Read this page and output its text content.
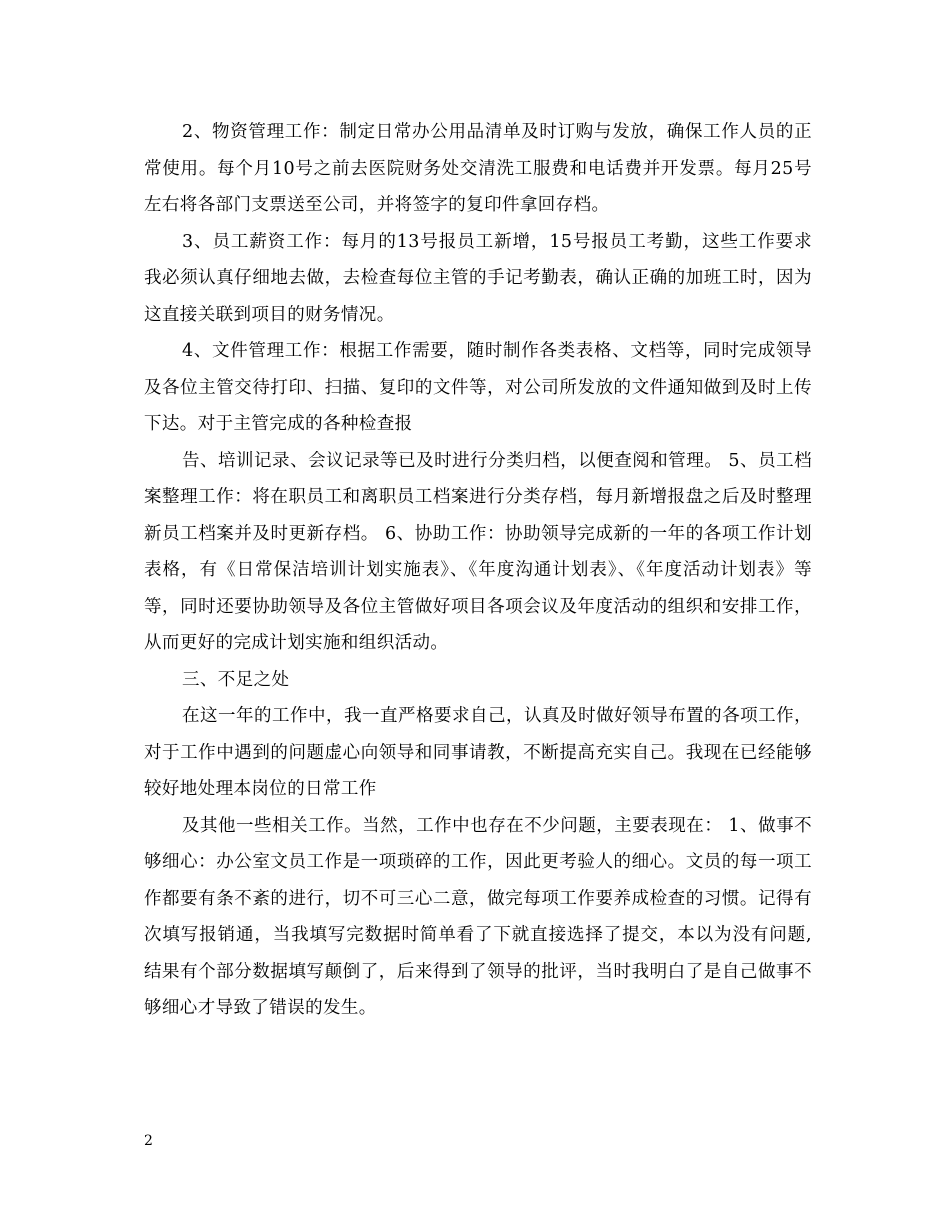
2、物资管理工作：制定日常办公用品清单及时订购与发放，确保工作人员的正常使用。每个月10号之前去医院财务处交清洗工服费和电话费并开发票。每月25号左右将各部门支票送至公司，并将签字的复印件拿回存档。

3、员工薪资工作：每月的13号报员工新增，15号报员工考勤，这些工作要求我必须认真仔细地去做，去检查每位主管的手记考勤表，确认正确的加班工时，因为这直接关联到项目的财务情况。

4、文件管理工作：根据工作需要，随时制作各类表格、文档等，同时完成领导及各位主管交待打印、扫描、复印的文件等，对公司所发放的文件通知做到及时上传下达。对于主管完成的各种检查报

告、培训记录、会议记录等已及时进行分类归档，以便查阅和管理。 5、员工档案整理工作：将在职员工和离职员工档案进行分类存档，每月新增报盘之后及时整理新员工档案并及时更新存档。 6、协助工作：协助领导完成新的一年的各项工作计划表格，有《日常保洁培训计划实施表》、《年度沟通计划表》、《年度活动计划表》等等，同时还要协助领导及各位主管做好项目各项会议及年度活动的组织和安排工作，从而更好的完成计划实施和组织活动。

三、不足之处

在这一年的工作中，我一直严格要求自己，认真及时做好领导布置的各项工作，对于工作中遇到的问题虚心向领导和同事请教，不断提高充实自己。我现在已经能够较好地处理本岗位的日常工作

及其他一些相关工作。当然，工作中也存在不少问题，主要表现在： 1、做事不够细心：办公室文员工作是一项琐碎的工作，因此更考验人的细心。文员的每一项工作都要有条不紊的进行，切不可三心二意，做完每项工作要养成检查的习惯。记得有次填写报销通，当我填写完数据时简单看了下就直接选择了提交，本以为没有问题,结果有个部分数据填写颠倒了，后来得到了领导的批评，当时我明白了是自己做事不够细心才导致了错误的发生。

2
